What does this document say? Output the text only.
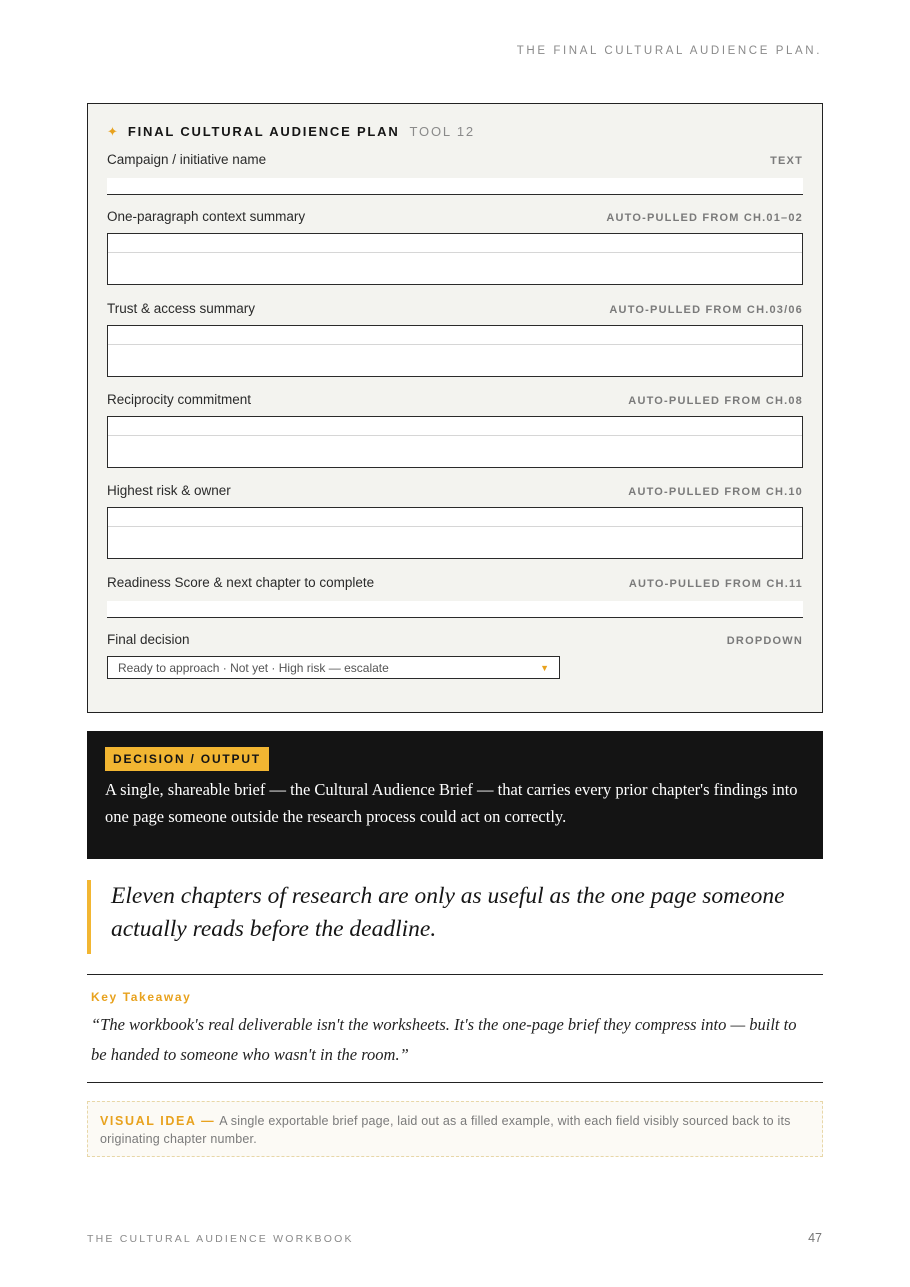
THE FINAL CULTURAL AUDIENCE PLAN.
✦ FINAL CULTURAL AUDIENCE PLAN TOOL 12
Campaign / initiative name	TEXT
One-paragraph context summary	AUTO-PULLED FROM CH.01–02
Trust & access summary	AUTO-PULLED FROM CH.03/06
Reciprocity commitment	AUTO-PULLED FROM CH.08
Highest risk & owner	AUTO-PULLED FROM CH.10
Readiness Score & next chapter to complete	AUTO-PULLED FROM CH.11
Final decision	DROPDOWN
Ready to approach · Not yet · High risk — escalate	▼
DECISION / OUTPUT
A single, shareable brief — the Cultural Audience Brief — that carries every prior chapter's findings into one page someone outside the research process could act on correctly.
Eleven chapters of research are only as useful as the one page someone actually reads before the deadline.
Key Takeaway
“The workbook's real deliverable isn't the worksheets. It's the one-page brief they compress into — built to be handed to someone who wasn't in the room.”
VISUAL IDEA — A single exportable brief page, laid out as a filled example, with each field visibly sourced back to its originating chapter number.
THE CULTURAL AUDIENCE WORKBOOK	47
